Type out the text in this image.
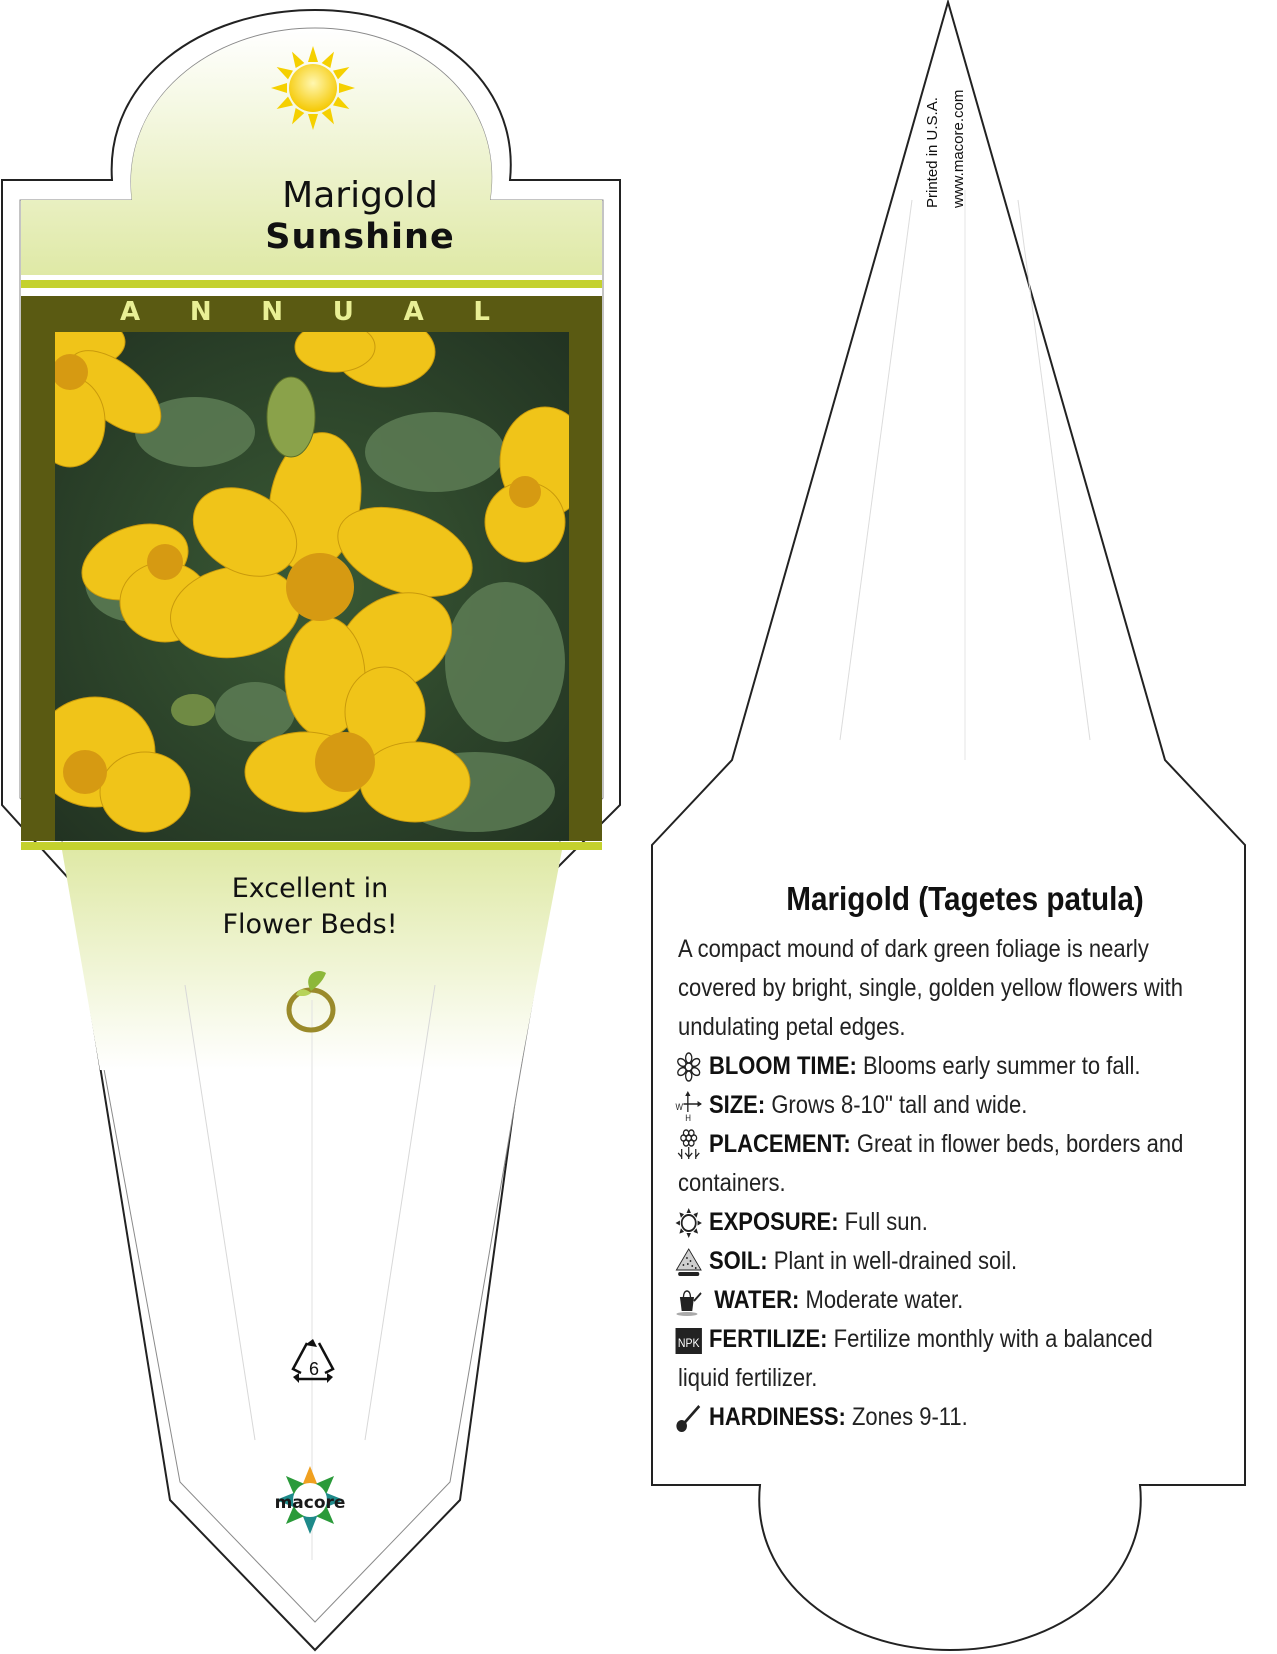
Marigold
Sunshine
A N N U A L
Excellent in
Flower Beds!
6
macore
Printed in U.S.A. www.macore.com
Marigold (Tagetes patula)
A compact mound of dark green foliage is nearly
covered by bright, single, golden yellow flowers with
undulating petal edges.
BLOOM TIME: Blooms early summer to fall.
W
H SIZE: Grows 8-10" tall and wide.
PLACEMENT: Great in flower beds, borders and
containers.
EXPOSURE: Full sun.
SOIL: Plant in well-drained soil.
WATER: Moderate water.
NPK FERTILIZE: Fertilize monthly with a balanced
liquid fertilizer.
HARDINESS: Zones 9-11.
